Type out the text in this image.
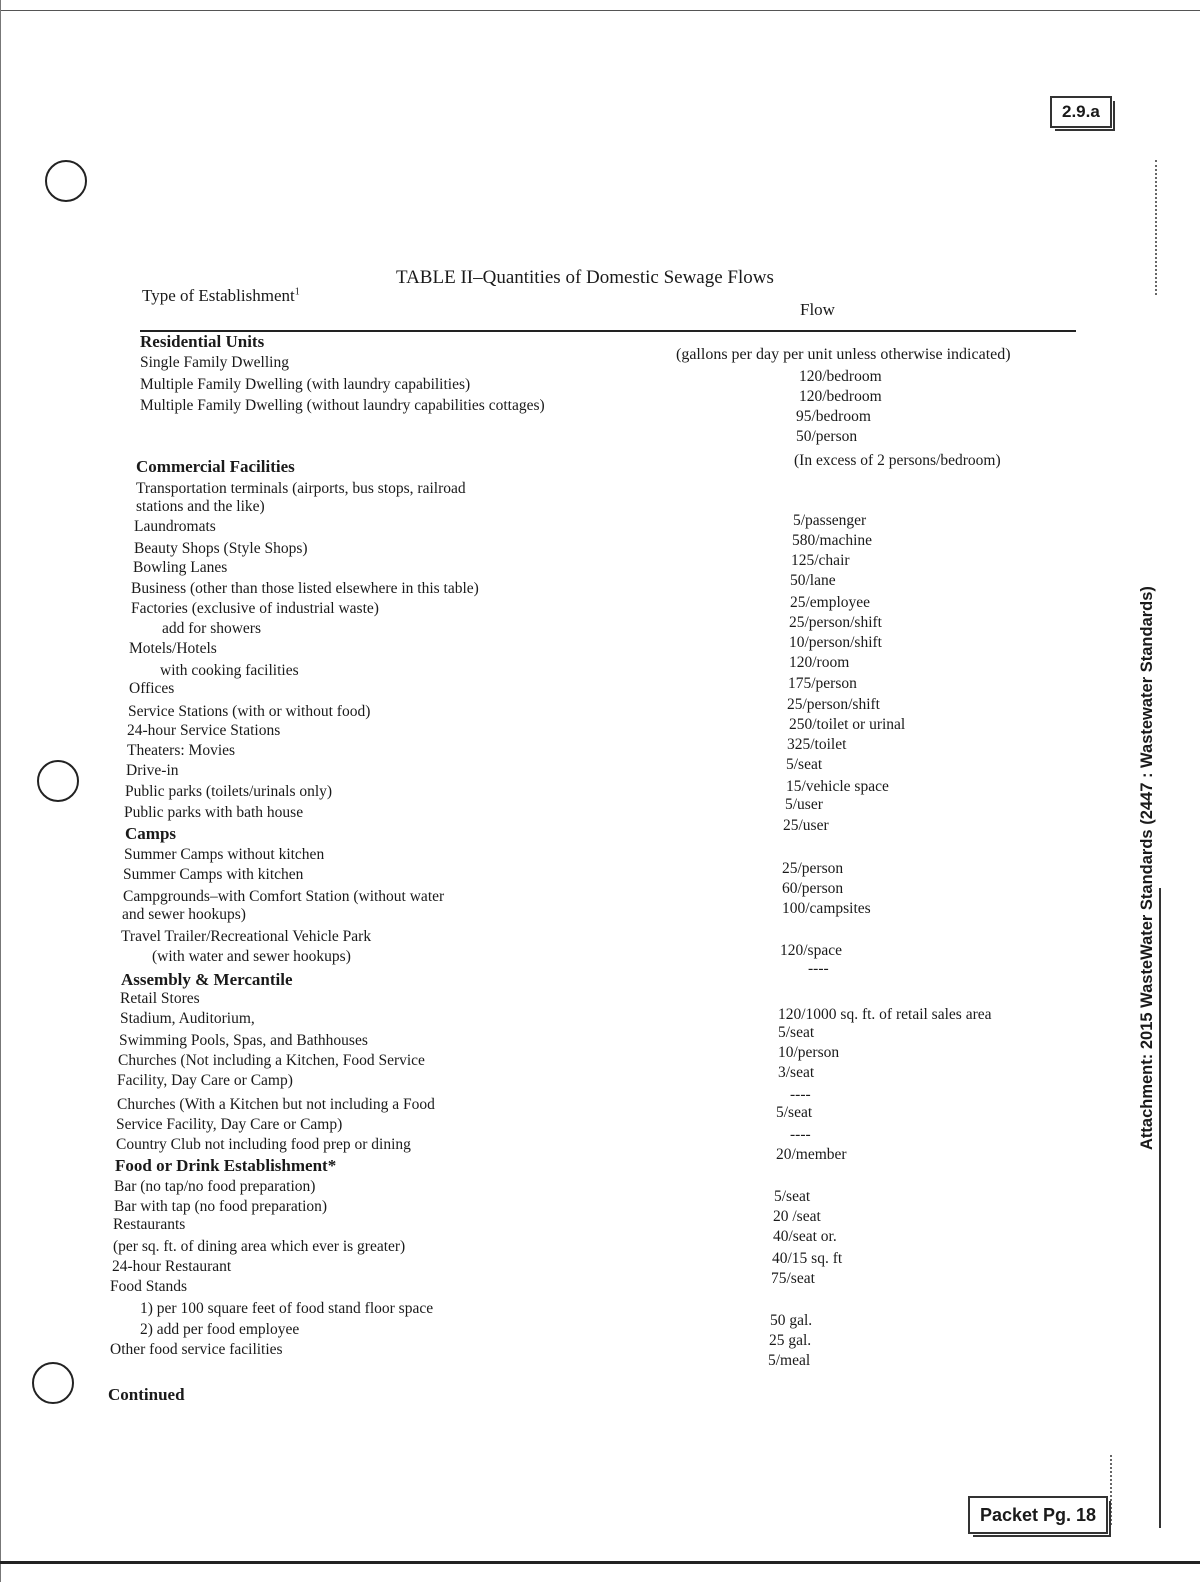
2.9.a
TABLE II–Quantities of Domestic Sewage Flows
Type of Establishment$^1$
Flow
(gallons per day per unit unless otherwise indicated)
Residential Units
Single Family Dwelling
Multiple Family Dwelling (with laundry capabilities)
Multiple Family Dwelling (without laundry capabilities cottages)
Commercial Facilities
Transportation terminals (airports, bus stops, railroad
stations and the like)
Laundromats
Beauty Shops (Style Shops)
Bowling Lanes
Business (other than those listed elsewhere in this table)
Factories (exclusive of industrial waste)
add for showers
Motels/Hotels
with cooking facilities
Offices
Service Stations (with or without food)
24-hour Service Stations
Theaters: Movies
Drive-in
Public parks (toilets/urinals only)
Public parks with bath house
Camps
Summer Camps without kitchen
Summer Camps with kitchen
Campgrounds–with Comfort Station (without water
and sewer hookups)
Travel Trailer/Recreational Vehicle Park
(with water and sewer hookups)
Assembly & Mercantile
Retail Stores
Stadium, Auditorium,
Swimming Pools, Spas, and Bathhouses
Churches (Not including a Kitchen, Food Service
Facility, Day Care or Camp)
Churches (With a Kitchen but not including a Food
Service Facility, Day Care or Camp)
Country Club not including food prep or dining
Food or Drink Establishment*
Bar (no tap/no food preparation)
Bar with tap (no food preparation)
Restaurants
(per sq. ft. of dining area which ever is greater)
24-hour Restaurant
Food Stands
1) per 100 square feet of food stand floor space
2) add per food employee
Other food service facilities
Continued
120/bedroom
120/bedroom
95/bedroom
50/person
(In excess of 2 persons/bedroom)
5/passenger
580/machine
125/chair
50/lane
25/employee
25/person/shift
10/person/shift
120/room
175/person
25/person/shift
250/toilet or urinal
325/toilet
5/seat
15/vehicle space
5/user
25/user
25/person
60/person
100/campsites
120/space
----
120/1000 sq. ft. of retail sales area
5/seat
10/person
3/seat
----
5/seat
----
20/member
5/seat
20 /seat
40/seat or.
40/15 sq. ft
75/seat
50 gal.
25 gal.
5/meal
Attachment: 2015 WasteWater Standards (2447 : Wastewater Standards)
Packet Pg. 18
